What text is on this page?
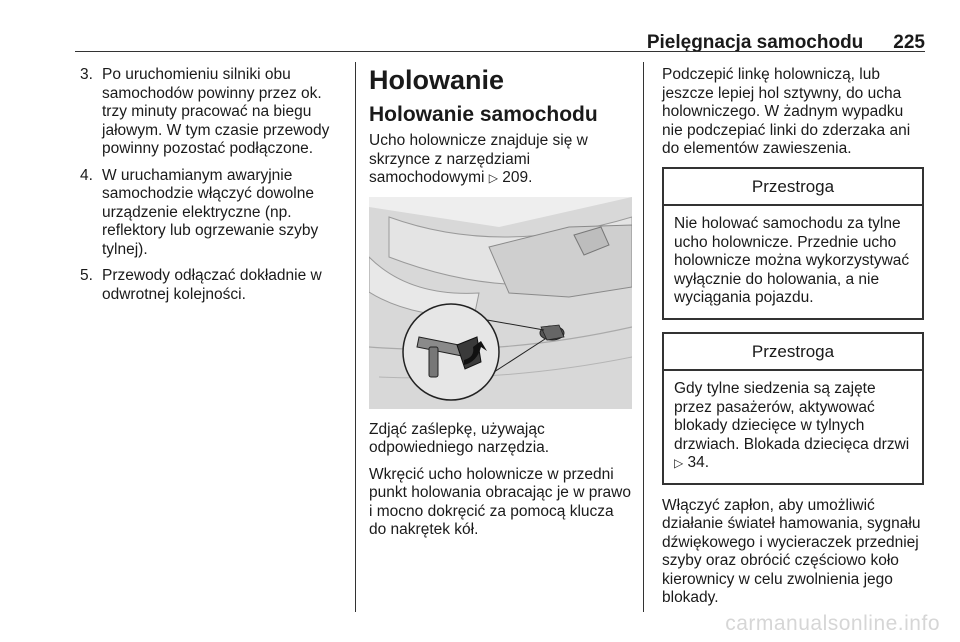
Pielęgnacja samochodu 225
3. Po uruchomieniu silniki obu samochodów powinny przez ok. trzy minuty pracować na biegu jałowym. W tym czasie przewody powinny pozostać podłączone.
4. W uruchamianym awaryjnie samochodzie włączyć dowolne urządzenie elektryczne (np. reflektory lub ogrzewanie szyby tylnej).
5. Przewody odłączać dokładnie w odwrotnej kolejności.
Holowanie
Holowanie samochodu

Ucho holownicze znajduje się w skrzynce z narzędziami samochodowymi ▷ 209.

Zdjąć zaślepkę, używając odpowiedniego narzędzia.

Wkręcić ucho holownicze w przedni punkt holowania obracając je w prawo i mocno dokręcić za pomocą klucza do nakrętek kół.

Podczepić linkę holowniczą, lub jeszcze lepiej hol sztywny, do ucha holowniczego. W żadnym wypadku nie podczepiać linki do zderzaka ani do elementów zawieszenia.

Przestroga
Nie holować samochodu za tylne ucho holownicze. Przednie ucho holownicze można wykorzystywać wyłącznie do holowania, a nie wyciągania pojazdu.
Przestroga
Gdy tylne siedzenia są zajęte przez pasażerów, aktywować blokady dziecięce w tylnych drzwiach. Blokada dziecięca drzwi ▷ 34.

Włączyć zapłon, aby umożliwić działanie świateł hamowania, sygnału dźwiękowego i wycieraczek przedniej szyby oraz obrócić częściowo koło kierownicy w celu zwolnienia jego blokady.

carmanualsonline.info
